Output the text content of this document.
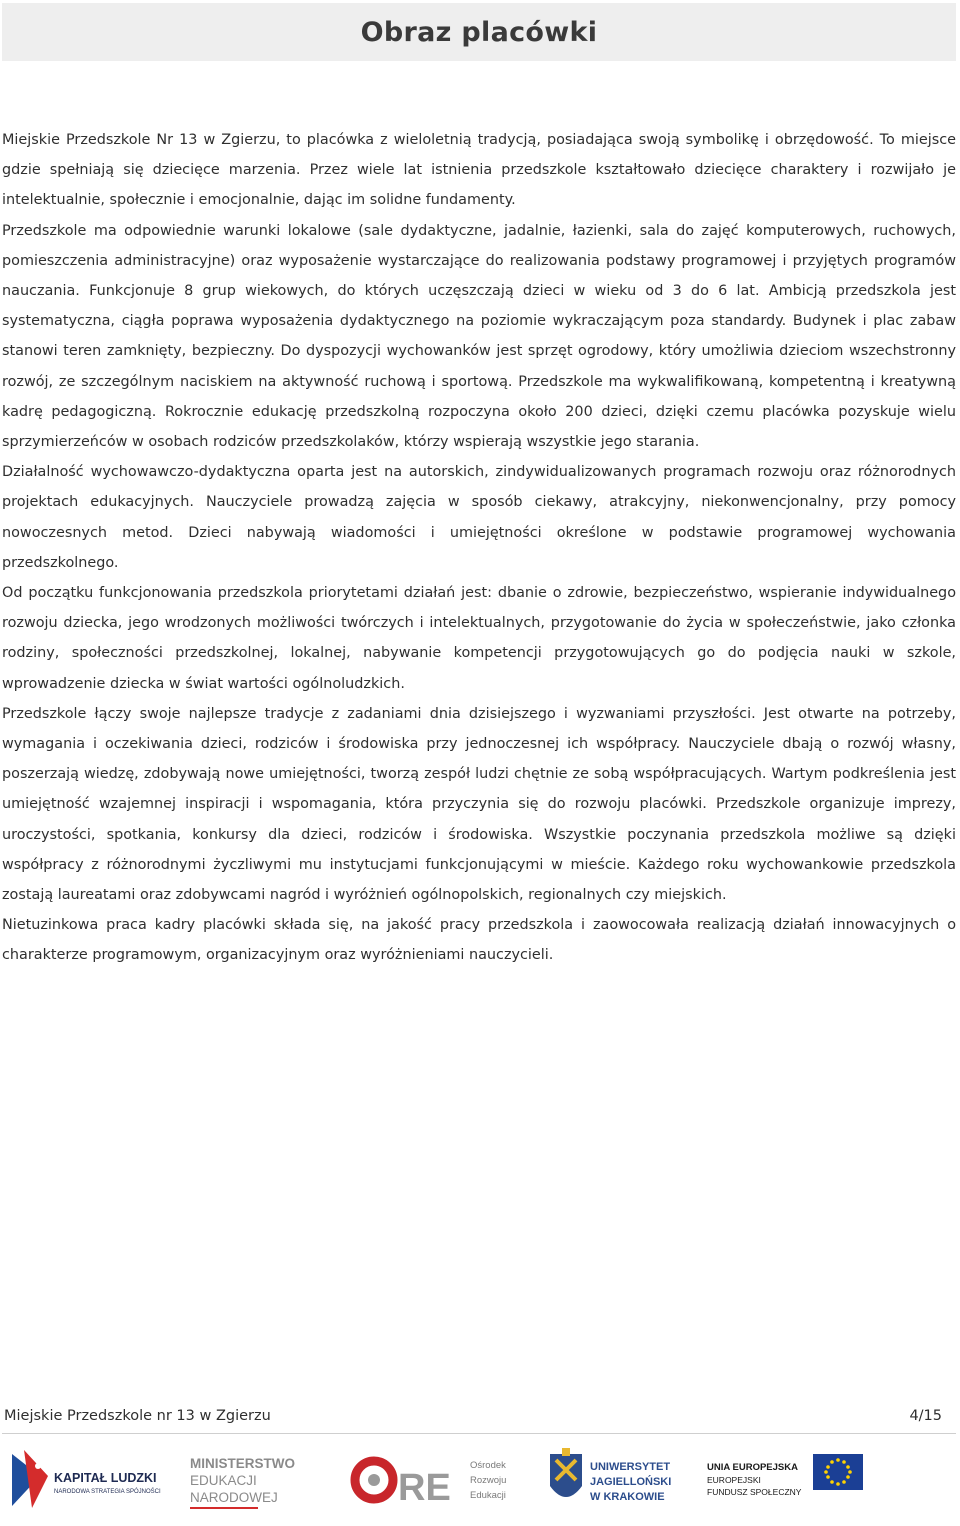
Obraz placówki

Miejskie Przedszkole Nr 13 w Zgierzu, to placówka z wieloletnią tradycją, posiadająca swoją symbolikę i obrzędowość. To miejsce gdzie spełniają się dziecięce marzenia. Przez wiele lat istnienia przedszkole kształtowało dziecięce charaktery i rozwijało je intelektualnie, społecznie i emocjonalnie, dając im solidne fundamenty.

Przedszkole ma odpowiednie warunki lokalowe (sale dydaktyczne, jadalnie, łazienki, sala do zajęć komputerowych, ruchowych, pomieszczenia administracyjne) oraz wyposażenie wystarczające do realizowania podstawy programowej i przyjętych programów nauczania. Funkcjonuje 8 grup wiekowych, do których uczęszczają dzieci w wieku od 3 do 6 lat. Ambicją przedszkola jest systematyczna, ciągła poprawa wyposażenia dydaktycznego na poziomie wykraczającym poza standardy. Budynek i plac zabaw stanowi teren zamknięty, bezpieczny. Do dyspozycji wychowanków jest sprzęt ogrodowy, który umożliwia dzieciom wszechstronny rozwój, ze szczególnym naciskiem na aktywność ruchową i sportową. Przedszkole ma wykwalifikowaną, kompetentną i kreatywną kadrę pedagogiczną. Rokrocznie edukację przedszkolną rozpoczyna około 200 dzieci, dzięki czemu placówka pozyskuje wielu sprzymierzeńców w osobach rodziców przedszkolaków, którzy wspierają wszystkie jego starania.

Działalność wychowawczo-dydaktyczna oparta jest na autorskich, zindywidualizowanych programach rozwoju oraz różnorodnych projektach edukacyjnych. Nauczyciele prowadzą zajęcia w sposób ciekawy, atrakcyjny, niekonwencjonalny, przy pomocy nowoczesnych metod. Dzieci nabywają wiadomości i umiejętności określone w podstawie programowej wychowania przedszkolnego.

Od początku funkcjonowania przedszkola priorytetami działań jest: dbanie o zdrowie, bezpieczeństwo, wspieranie indywidualnego rozwoju dziecka, jego wrodzonych możliwości twórczych i intelektualnych, przygotowanie do życia w społeczeństwie, jako członka rodziny, społeczności przedszkolnej, lokalnej, nabywanie kompetencji przygotowujących go do podjęcia nauki w szkole, wprowadzenie dziecka w świat wartości ogólnoludzkich.

Przedszkole łączy swoje najlepsze tradycje z zadaniami dnia dzisiejszego i wyzwaniami przyszłości. Jest otwarte na potrzeby, wymagania i oczekiwania dzieci, rodziców i środowiska przy jednoczesnej ich współpracy. Nauczyciele dbają o rozwój własny, poszerzają wiedzę, zdobywają nowe umiejętności, tworzą zespół ludzi chętnie ze sobą współpracujących. Wartym podkreślenia jest umiejętność wzajemnej inspiracji i wspomagania, która przyczynia się do rozwoju placówki. Przedszkole organizuje imprezy, uroczystości, spotkania, konkursy dla dzieci, rodziców i środowiska. Wszystkie poczynania przedszkola możliwe są dzięki współpracy z różnorodnymi życzliwymi mu instytucjami funkcjonującymi w mieście. Każdego roku wychowankowie przedszkola zostają laureatami oraz zdobywcami nagród i wyróżnień ogólnopolskich, regionalnych czy miejskich.

Nietuzinkowa praca kadry placówki składa się, na jakość pracy przedszkola i zaowocowała realizacją działań innowacyjnych o charakterze programowym, organizacyjnym oraz wyróżnieniami nauczycieli.

Miejskie Przedszkole nr 13 w Zgierzu	4/15
KAPITAŁ LUDZKI
NARODOWA STRATEGIA SPÓJNOŚCI
MINISTERSTWO
EDUKACJI
NARODOWEJ	RE
Ośrodek
Rozwoju
Edukacji
UNIWERSYTET
JAGIELLOŃSKI
W KRAKOWIE
UNIA EUROPEJSKA
EUROPEJSKI
FUNDUSZ SPOŁECZNY
